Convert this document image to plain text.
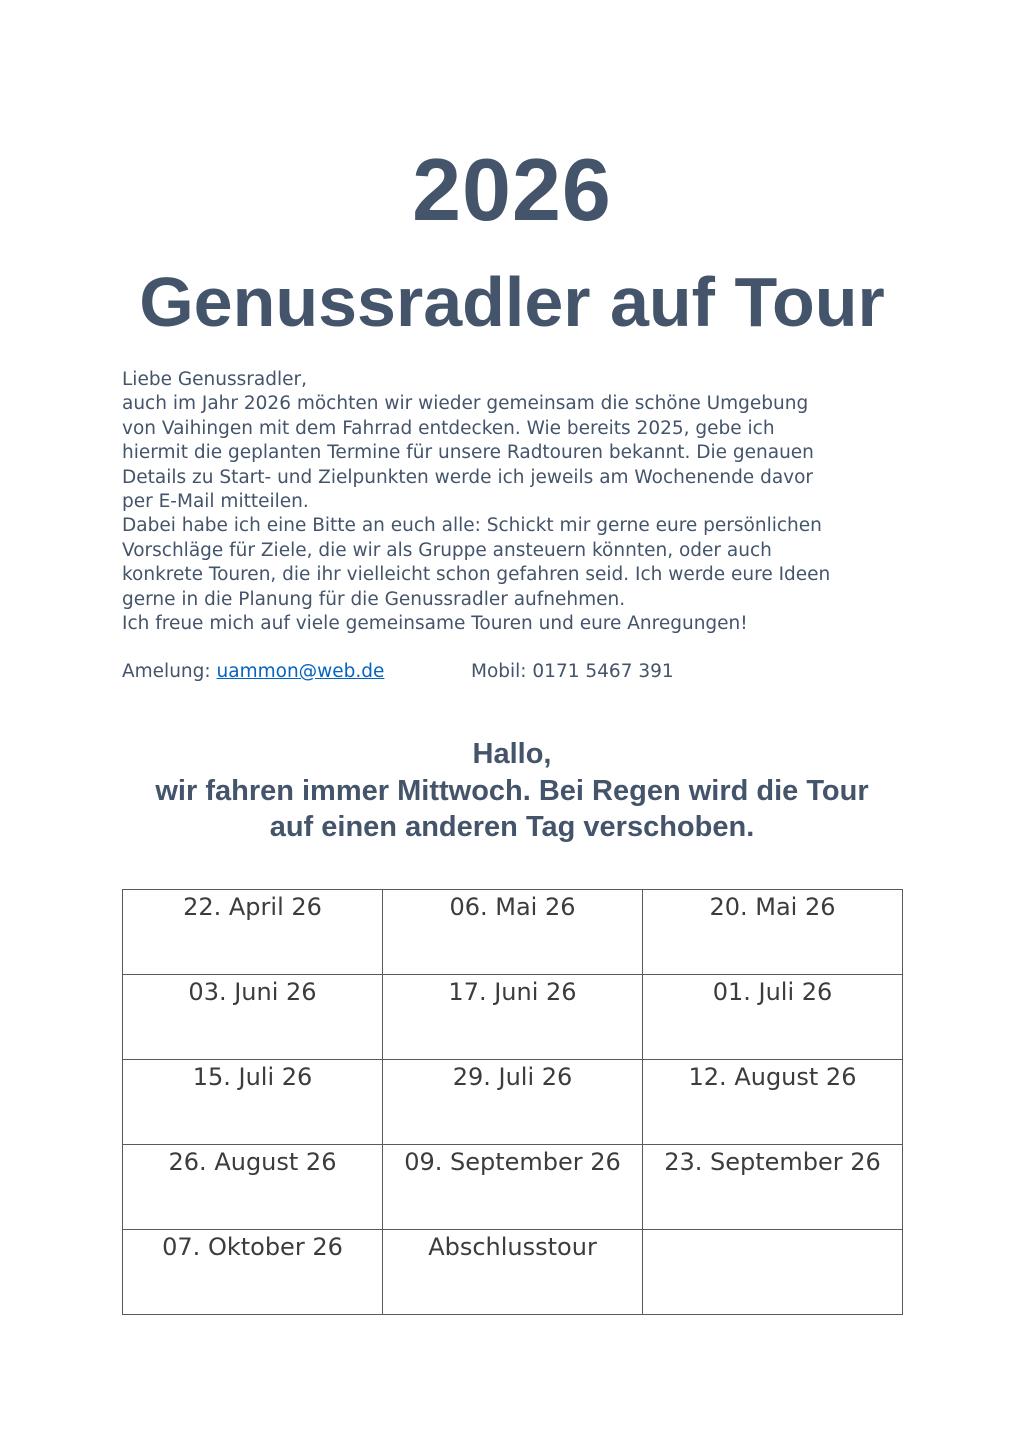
2026
Genussradler auf Tour
Liebe Genussradler,
auch im Jahr 2026 möchten wir wieder gemeinsam die schöne Umgebung
von Vaihingen mit dem Fahrrad entdecken. Wie bereits 2025, gebe ich
hiermit die geplanten Termine für unsere Radtouren bekannt. Die genauen
Details zu Start- und Zielpunkten werde ich jeweils am Wochenende davor
per E-Mail mitteilen.
Dabei habe ich eine Bitte an euch alle: Schickt mir gerne eure persönlichen
Vorschläge für Ziele, die wir als Gruppe ansteuern könnten, oder auch
konkrete Touren, die ihr vielleicht schon gefahren seid. Ich werde eure Ideen
gerne in die Planung für die Genussradler aufnehmen.
Ich freue mich auf viele gemeinsame Touren und eure Anregungen!
Amelung: uammon@web.de	Mobil: 0171 5467 391
Hallo,
wir fahren immer Mittwoch. Bei Regen wird die Tour
auf einen anderen Tag verschoben.
22. April 26	06. Mai 26	20. Mai 26
03. Juni 26	17. Juni 26	01. Juli 26
15. Juli 26	29. Juli 26	12. August 26
26. August 26	09. September 26	23. September 26
07. Oktober 26	Abschlusstour	
